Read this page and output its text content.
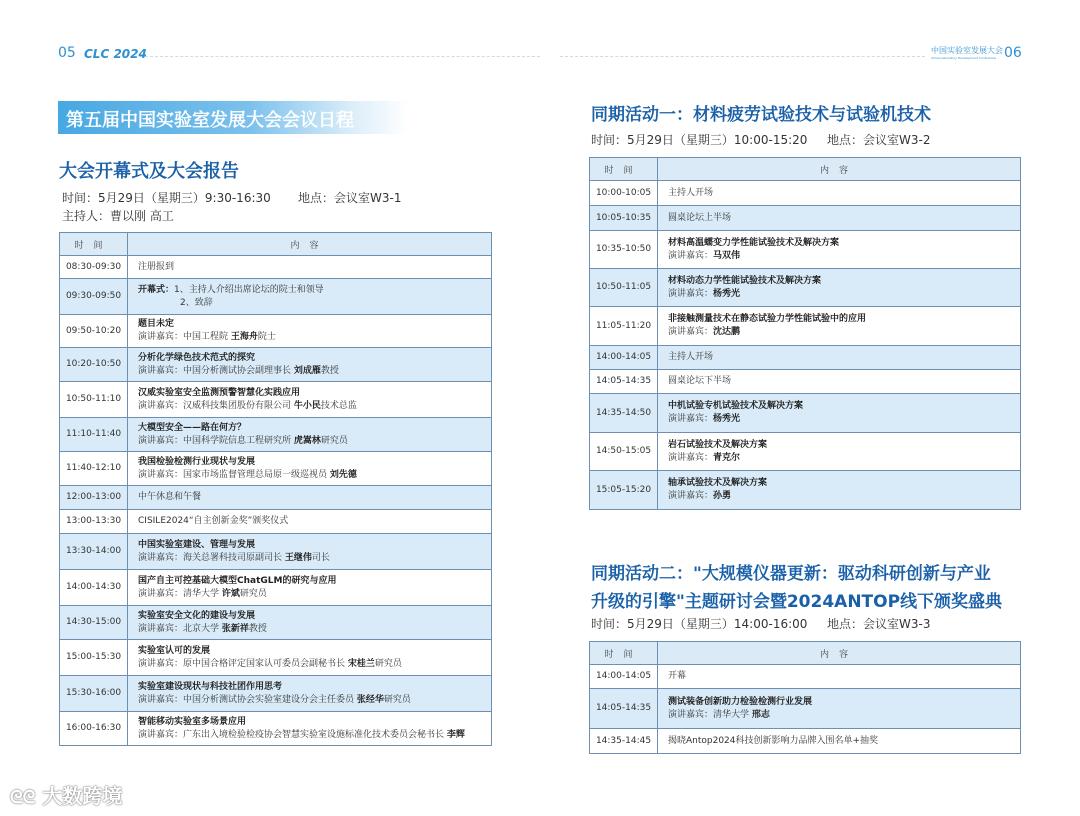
05 CLC 2024	中国实验室发展大会
China Laboratory Development Conference 06
第五届中国实验室发展大会会议日程
大会开幕式及大会报告
时间：5月29日（星期三）9:30-16:30 地点：会议室W3-1
主持人：曹以刚 高工
时间	内容
08:30-09:30	注册报到

09:30-09:50	开幕式：1、主持人介绍出席论坛的院士和领导
2、致辞

09:50-10:20	题目未定
演讲嘉宾：中国工程院 王海舟院士

10:20-10:50	分析化学绿色技术范式的探究
演讲嘉宾：中国分析测试协会副理事长 刘成雁教授

10:50-11:10	汉威实验室安全监测预警智慧化实践应用
演讲嘉宾：汉威科技集团股份有限公司 牛小民技术总监

11:10-11:40	大模型安全——路在何方？
演讲嘉宾：中国科学院信息工程研究所 虎嵩林研究员

11:40-12:10	我国检验检测行业现状与发展
演讲嘉宾：国家市场监督管理总局原一级巡视员 刘先德

12:00-13:00	中午休息和午餐

13:00-13:30	CISILE2024“自主创新金奖”颁奖仪式

13:30-14:00	中国实验室建设、管理与发展
演讲嘉宾：海关总署科技司原副司长 王继伟司长

14:00-14:30	国产自主可控基础大模型ChatGLM的研究与应用
演讲嘉宾：清华大学 许斌研究员

14:30-15:00	实验室安全文化的建设与发展
演讲嘉宾：北京大学 张新祥教授

15:00-15:30	实验室认可的发展
演讲嘉宾：原中国合格评定国家认可委员会副秘书长 宋桂兰研究员

15:30-16:00	实验室建设现状与科技社团作用思考
演讲嘉宾：中国分析测试协会实验室建设分会主任委员 张经华研究员

16:00-16:30	智能移动实验室多场景应用
演讲嘉宾：广东出入境检验检疫协会智慧实验室设施标准化技术委员会秘书长 李辉
同期活动一：材料疲劳试验技术与试验机技术
时间：5月29日（星期三）10:00-15:20 地点：会议室W3-2
时间	内容
10:00-10:05	主持人开场

10:05-10:35	圆桌论坛上半场

10:35-10:50	材料高温蠕变力学性能试验技术及解决方案
演讲嘉宾：马双伟

10:50-11:05	材料动态力学性能试验技术及解决方案
演讲嘉宾：杨秀光

11:05-11:20	非接触测量技术在静态试验力学性能试验中的应用
演讲嘉宾：沈达鹏

14:00-14:05	主持人开场

14:05-14:35	圆桌论坛下半场

14:35-14:50	中机试验专机试验技术及解决方案
演讲嘉宾：杨秀光

14:50-15:05	岩石试验技术及解决方案
演讲嘉宾：青克尔

15:05-15:20	轴承试验技术及解决方案
演讲嘉宾：孙勇
同期活动二："大规模仪器更新：驱动科研创新与产业
升级的引擎"主题研讨会暨2024ANTOP线下颁奖盛典
时间：5月29日（星期三）14:00-16:00 地点：会议室W3-3
时间	内容
14:00-14:05	开幕

14:05-14:35	测试装备创新助力检验检测行业发展
演讲嘉宾：清华大学 邢志

14:35-14:45	揭晓Antop2024科技创新影响力品牌入围名单+抽奖
ᘓᘓ 大数跨境
